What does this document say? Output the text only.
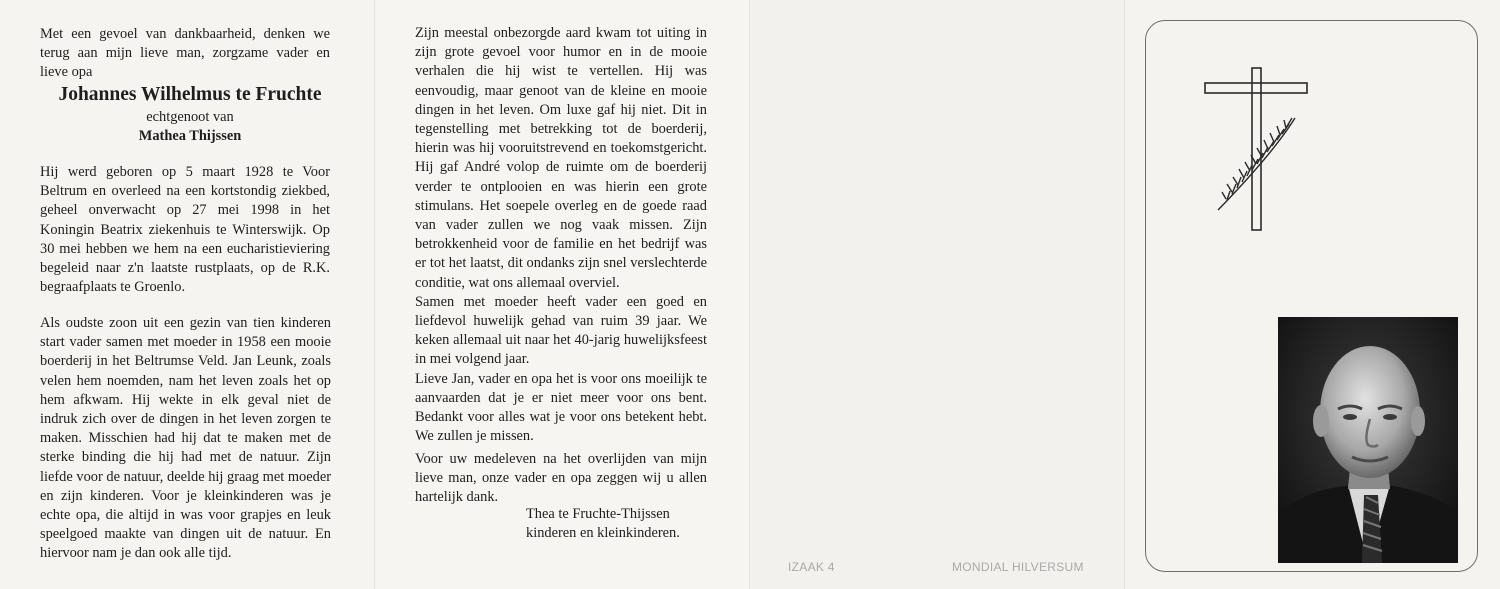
Met een gevoel van dankbaarheid, denken we terug aan mijn lieve man, zorgzame vader en lieve opa
Johannes Wilhelmus te Fruchte
echtgenoot van
Mathea Thijssen
Hij werd geboren op 5 maart 1928 te Voor Beltrum en overleed na een kortstondig ziekbed, geheel onverwacht op 27 mei 1998 in het Koningin Beatrix ziekenhuis te Winterswijk. Op 30 mei hebben we hem na een eucharistieviering begeleid naar z'n laatste rustplaats, op de R.K. begraafplaats te Groenlo.
Als oudste zoon uit een gezin van tien kinderen start vader samen met moeder in 1958 een mooie boerderij in het Beltrumse Veld. Jan Leunk, zoals velen hem noemden, nam het leven zoals het op hem afkwam. Hij wekte in elk geval niet de indruk zich over de dingen in het leven zorgen te maken. Misschien had hij dat te maken met de sterke binding die hij had met de natuur. Zijn liefde voor de natuur, deelde hij graag met moeder en zijn kinderen. Voor je kleinkinderen was je echte opa, die altijd in was voor grapjes en leuk speelgoed maakte van dingen uit de natuur. En hiervoor nam je dan ook alle tijd.

Zijn meestal onbezorgde aard kwam tot uiting in zijn grote gevoel voor humor en in de mooie verhalen die hij wist te vertellen. Hij was eenvoudig, maar genoot van de kleine en mooie dingen in het leven. Om luxe gaf hij niet. Dit in tegenstelling met betrekking tot de boerderij, hierin was hij vooruitstrevend en toekomstgericht. Hij gaf André volop de ruimte om de boerderij verder te ontplooien en was hierin een grote stimulans. Het soepele overleg en de goede raad van vader zullen we nog vaak missen. Zijn betrokkenheid voor de familie en het bedrijf was er tot het laatst, dit ondanks zijn snel verslechterde conditie, wat ons allemaal overviel.

Samen met moeder heeft vader een goed en liefdevol huwelijk gehad van ruim 39 jaar. We keken allemaal uit naar het 40-jarig huwelijksfeest in mei volgend jaar.

Lieve Jan, vader en opa het is voor ons moeilijk te aanvaarden dat je er niet meer voor ons bent. Bedankt voor alles wat je voor ons betekent hebt. We zullen je missen.

Voor uw medeleven na het overlijden van mijn lieve man, onze vader en opa zeggen wij u allen hartelijk dank.
Thea te Fruchte-Thijssen
kinderen en kleinkinderen.
IZAAK 4	MONDIAL HILVERSUM
